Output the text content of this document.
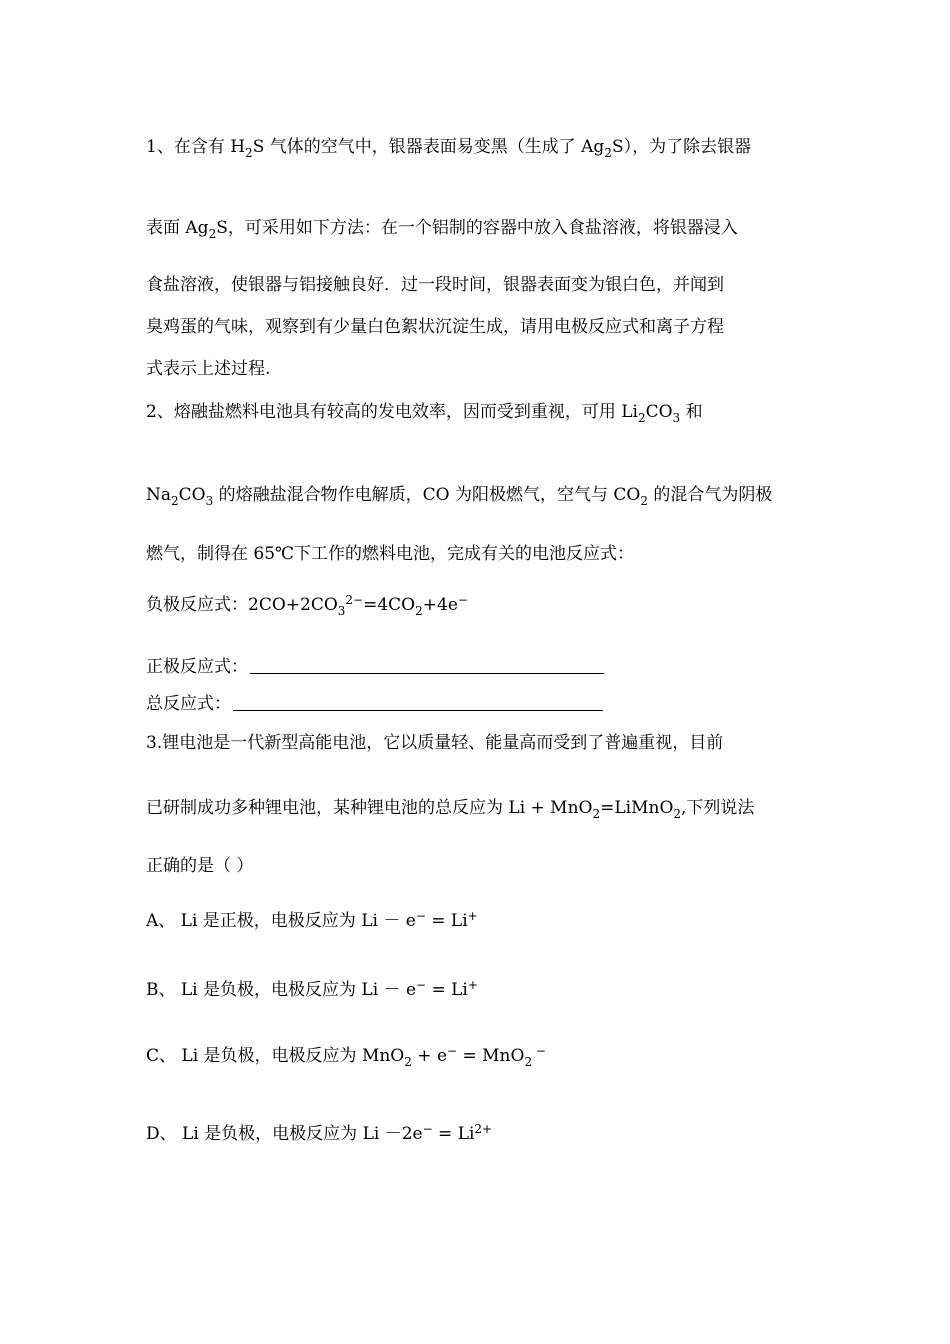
1、在含有 $H_2S$ 气体的空气中，银器表面易变黑（生成了 $Ag_2S$），为了除去银器
表面 $Ag_2S$，可采用如下方法：在一个铝制的容器中放入食盐溶液，将银器浸入
食盐溶液，使银器与铝接触良好．过一段时间，银器表面变为银白色，并闻到
臭鸡蛋的气味，观察到有少量白色絮状沉淀生成，请用电极反应式和离子方程
式表示上述过程.
2、熔融盐燃料电池具有较高的发电效率，因而受到重视，可用 $Li_2CO_3$ 和
$Na_2CO_3$ 的熔融盐混合物作电解质，CO 为阳极燃气，空气与 $CO_2$ 的混合气为阴极
燃气，制得在 65℃下工作的燃料电池，完成有关的电池反应式：
负极反应式：$2CO+2CO_3^{2-}=4CO_2+4e^-$
正极反应式：
总反应式：
3.锂电池是一代新型高能电池，它以质量轻、能量高而受到了普遍重视，目前
已研制成功多种锂电池，某种锂电池的总反应为 Li + MnO$_2$=LiMnO$_2$,下列说法
正确的是（ ）
A、 Li 是正极，电极反应为 Li － e− = Li+
B、 Li 是负极，电极反应为 Li － e− = Li+
C、 Li 是负极，电极反应为 MnO$_2$ + e− = MnO$_2$ −
D、 Li 是负极，电极反应为 $Li -2e^- = Li^{2+}$
